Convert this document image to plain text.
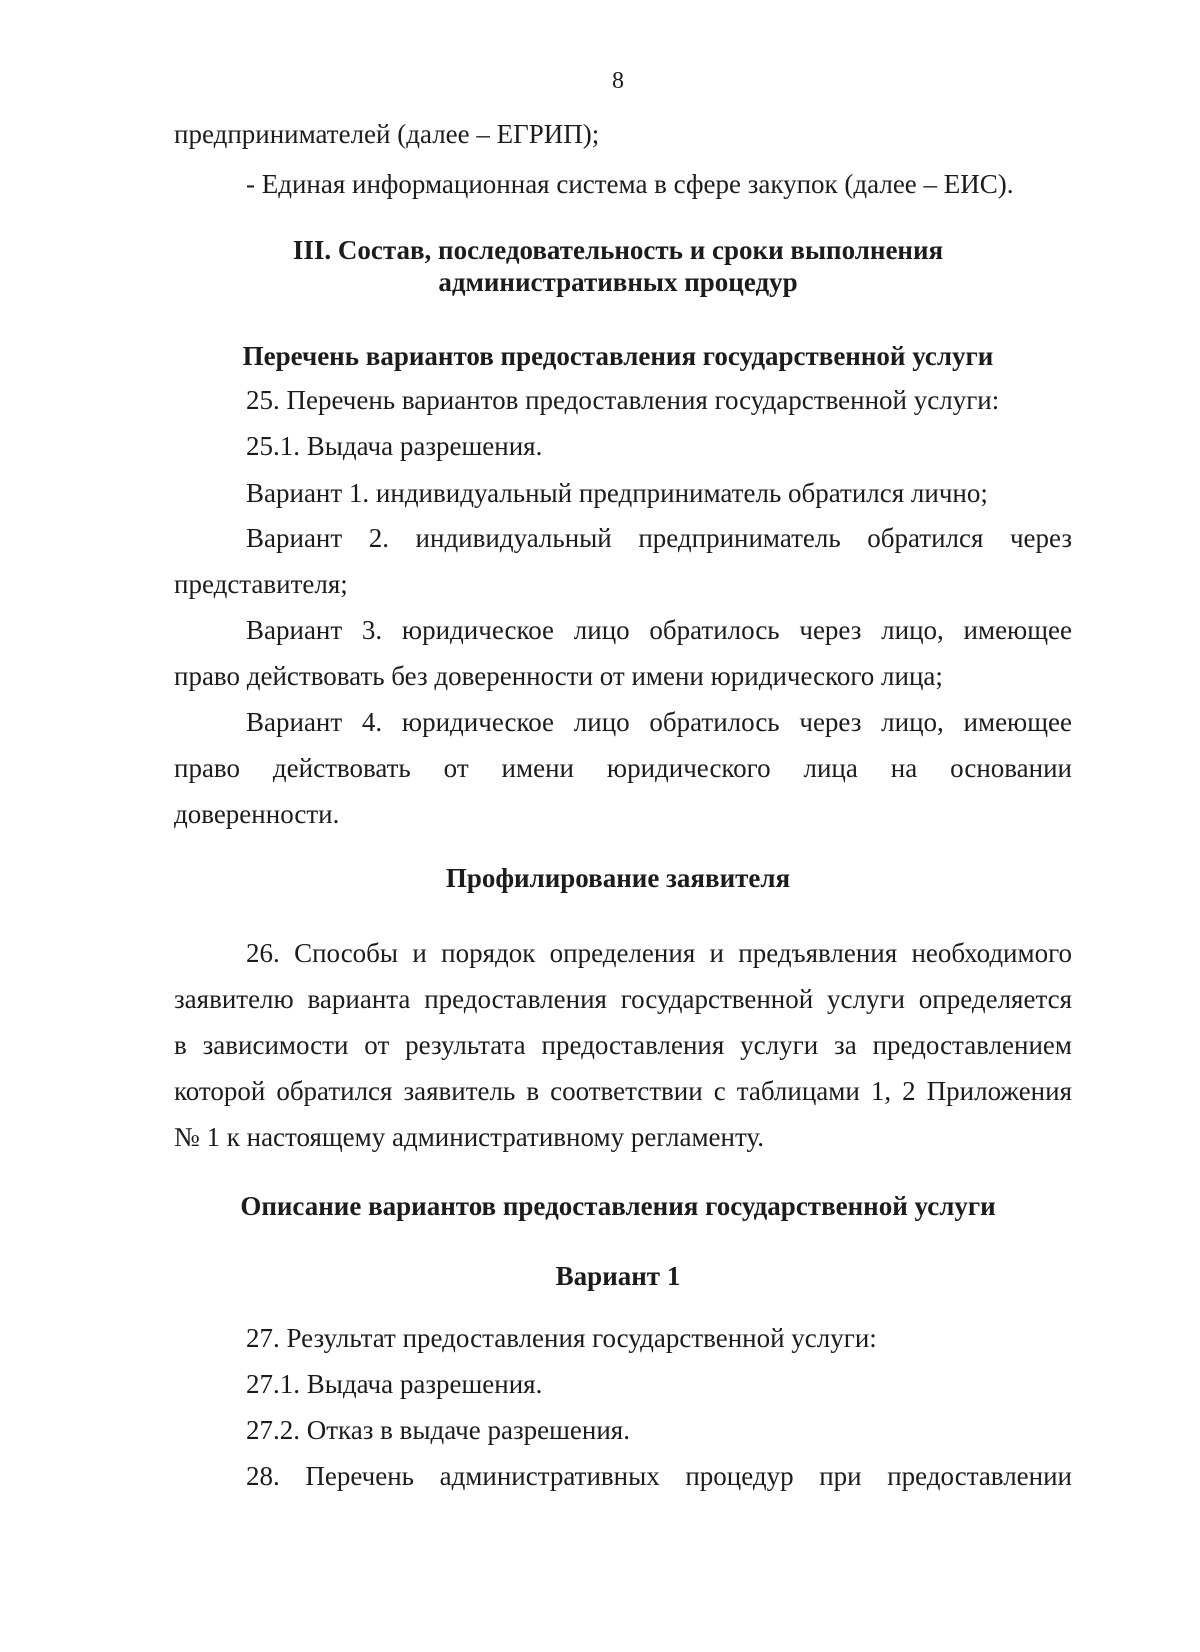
8
предпринимателей (далее – ЕГРИП);
- Единая информационная система в сфере закупок (далее – ЕИС).
III. Состав, последовательность и сроки выполнения
административных процедур
Перечень вариантов предоставления государственной услуги
25. Перечень вариантов предоставления государственной услуги:
25.1. Выдача разрешения.
Вариант 1. индивидуальный предприниматель обратился лично;
Вариант 2. индивидуальный предприниматель обратился через
представителя;
Вариант 3. юридическое лицо обратилось через лицо, имеющее
право действовать без доверенности от имени юридического лица;
Вариант 4. юридическое лицо обратилось через лицо, имеющее
право действовать от имени юридического лица на основании
доверенности.
Профилирование заявителя
26. Способы и порядок определения и предъявления необходимого
заявителю варианта предоставления государственной услуги определяется
в зависимости от результата предоставления услуги за предоставлением
которой обратился заявитель в соответствии с таблицами 1, 2 Приложения
№ 1 к настоящему административному регламенту.
Описание вариантов предоставления государственной услуги
Вариант 1
27. Результат предоставления государственной услуги:
27.1. Выдача разрешения.
27.2. Отказ в выдаче разрешения.
28. Перечень административных процедур при предоставлении
